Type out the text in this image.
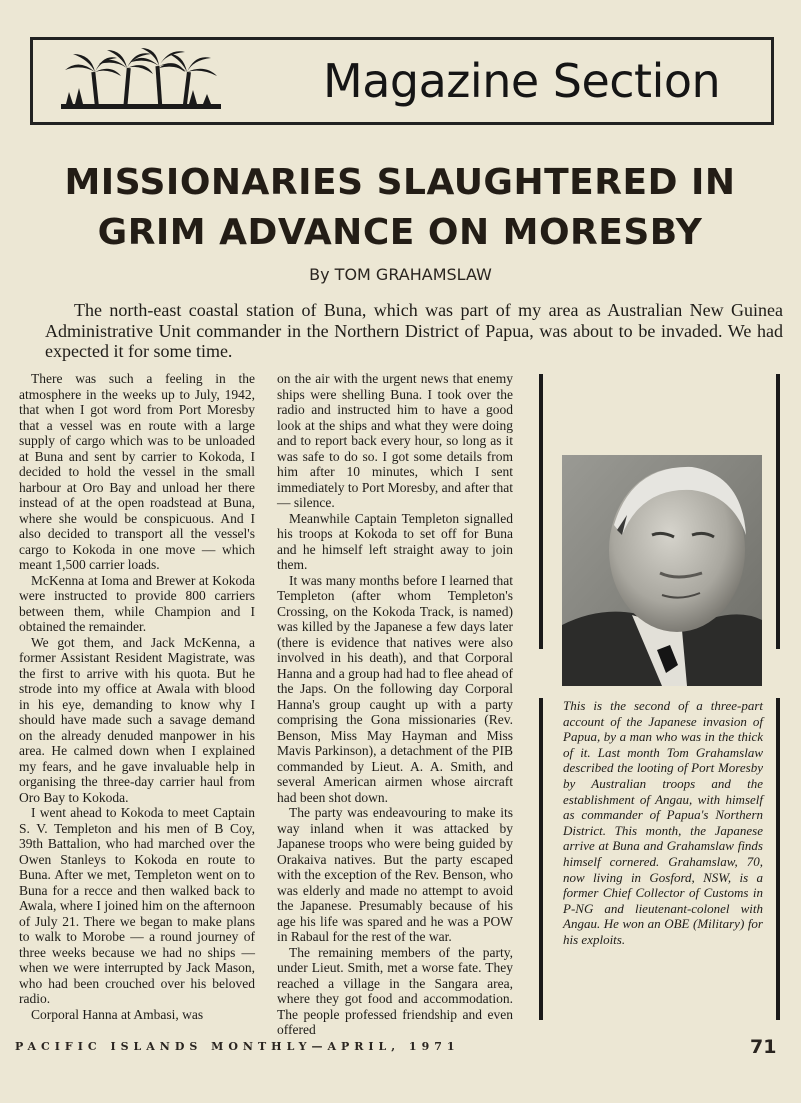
Magazine Section
MISSIONARIES SLAUGHTERED IN
GRIM ADVANCE ON MORESBY
By TOM GRAHAMSLAW
The north-east coastal station of Buna, which was part of my area as Australian New Guinea Administrative Unit commander in the Northern District of Papua, was about to be invaded. We had expected it for some time.

There was such a feeling in the atmosphere in the weeks up to July, 1942, that when I got word from Port Moresby that a vessel was en route with a large supply of cargo which was to be unloaded at Buna and sent by carrier to Kokoda, I decided to hold the vessel in the small harbour at Oro Bay and unload her there instead of at the open roadstead at Buna, where she would be conspicuous. And I also decided to transport all the vessel's cargo to Kokoda in one move — which meant 1,500 carrier loads.

McKenna at Ioma and Brewer at Kokoda were instructed to provide 800 carriers between them, while Champion and I obtained the remainder.

We got them, and Jack McKenna, a former Assistant Resident Magistrate, was the first to arrive with his quota. But he strode into my office at Awala with blood in his eye, demanding to know why I should have made such a savage demand on the already denuded manpower in his area. He calmed down when I explained my fears, and he gave invaluable help in organising the three-day carrier haul from Oro Bay to Kokoda.

I went ahead to Kokoda to meet Captain S. V. Templeton and his men of B Coy, 39th Battalion, who had marched over the Owen Stanleys to Kokoda en route to Buna. After we met, Templeton went on to Buna for a recce and then walked back to Awala, where I joined him on the afternoon of July 21. There we began to make plans to walk to Morobe — a round journey of three weeks because we had no ships — when we were interrupted by Jack Mason, who had been crouched over his beloved radio.

Corporal Hanna at Ambasi, was

on the air with the urgent news that enemy ships were shelling Buna. I took over the radio and instructed him to have a good look at the ships and what they were doing and to report back every hour, so long as it was safe to do so. I got some details from him after 10 minutes, which I sent immediately to Port Moresby, and after that — silence.

Meanwhile Captain Templeton signalled his troops at Kokoda to set off for Buna and he himself left straight away to join them.

It was many months before I learned that Templeton (after whom Templeton's Crossing, on the Kokoda Track, is named) was killed by the Japanese a few days later (there is evidence that natives were also involved in his death), and that Corporal Hanna and a group had had to flee ahead of the Japs. On the following day Corporal Hanna's group caught up with a party comprising the Gona missionaries (Rev. Benson, Miss May Hayman and Miss Mavis Parkinson), a detachment of the PIB commanded by Lieut. A. A. Smith, and several American airmen whose aircraft had been shot down.

The party was endeavouring to make its way inland when it was attacked by Japanese troops who were being guided by Orakaiva natives. But the party escaped with the exception of the Rev. Benson, who was elderly and made no attempt to avoid the Japanese. Presumably because of his age his life was spared and he was a POW in Rabaul for the rest of the war.

The remaining members of the party, under Lieut. Smith, met a worse fate. They reached a village in the Sangara area, where they got food and accommodation. The people professed friendship and even offered

This is the second of a three-part account of the Japanese invasion of Papua, by a man who was in the thick of it. Last month Tom Grahamslaw described the looting of Port Moresby by Australian troops and the establishment of Angau, with himself as commander of Papua's Northern District. This month, the Japanese arrive at Buna and Grahamslaw finds himself cornered. Grahamslaw, 70, now living in Gosford, NSW, is a former Chief Collector of Customs in P-NG and lieutenant-colonel with Angau. He won an OBE (Military) for his exploits.
PACIFIC ISLANDS MONTHLY—APRIL, 1971	71
